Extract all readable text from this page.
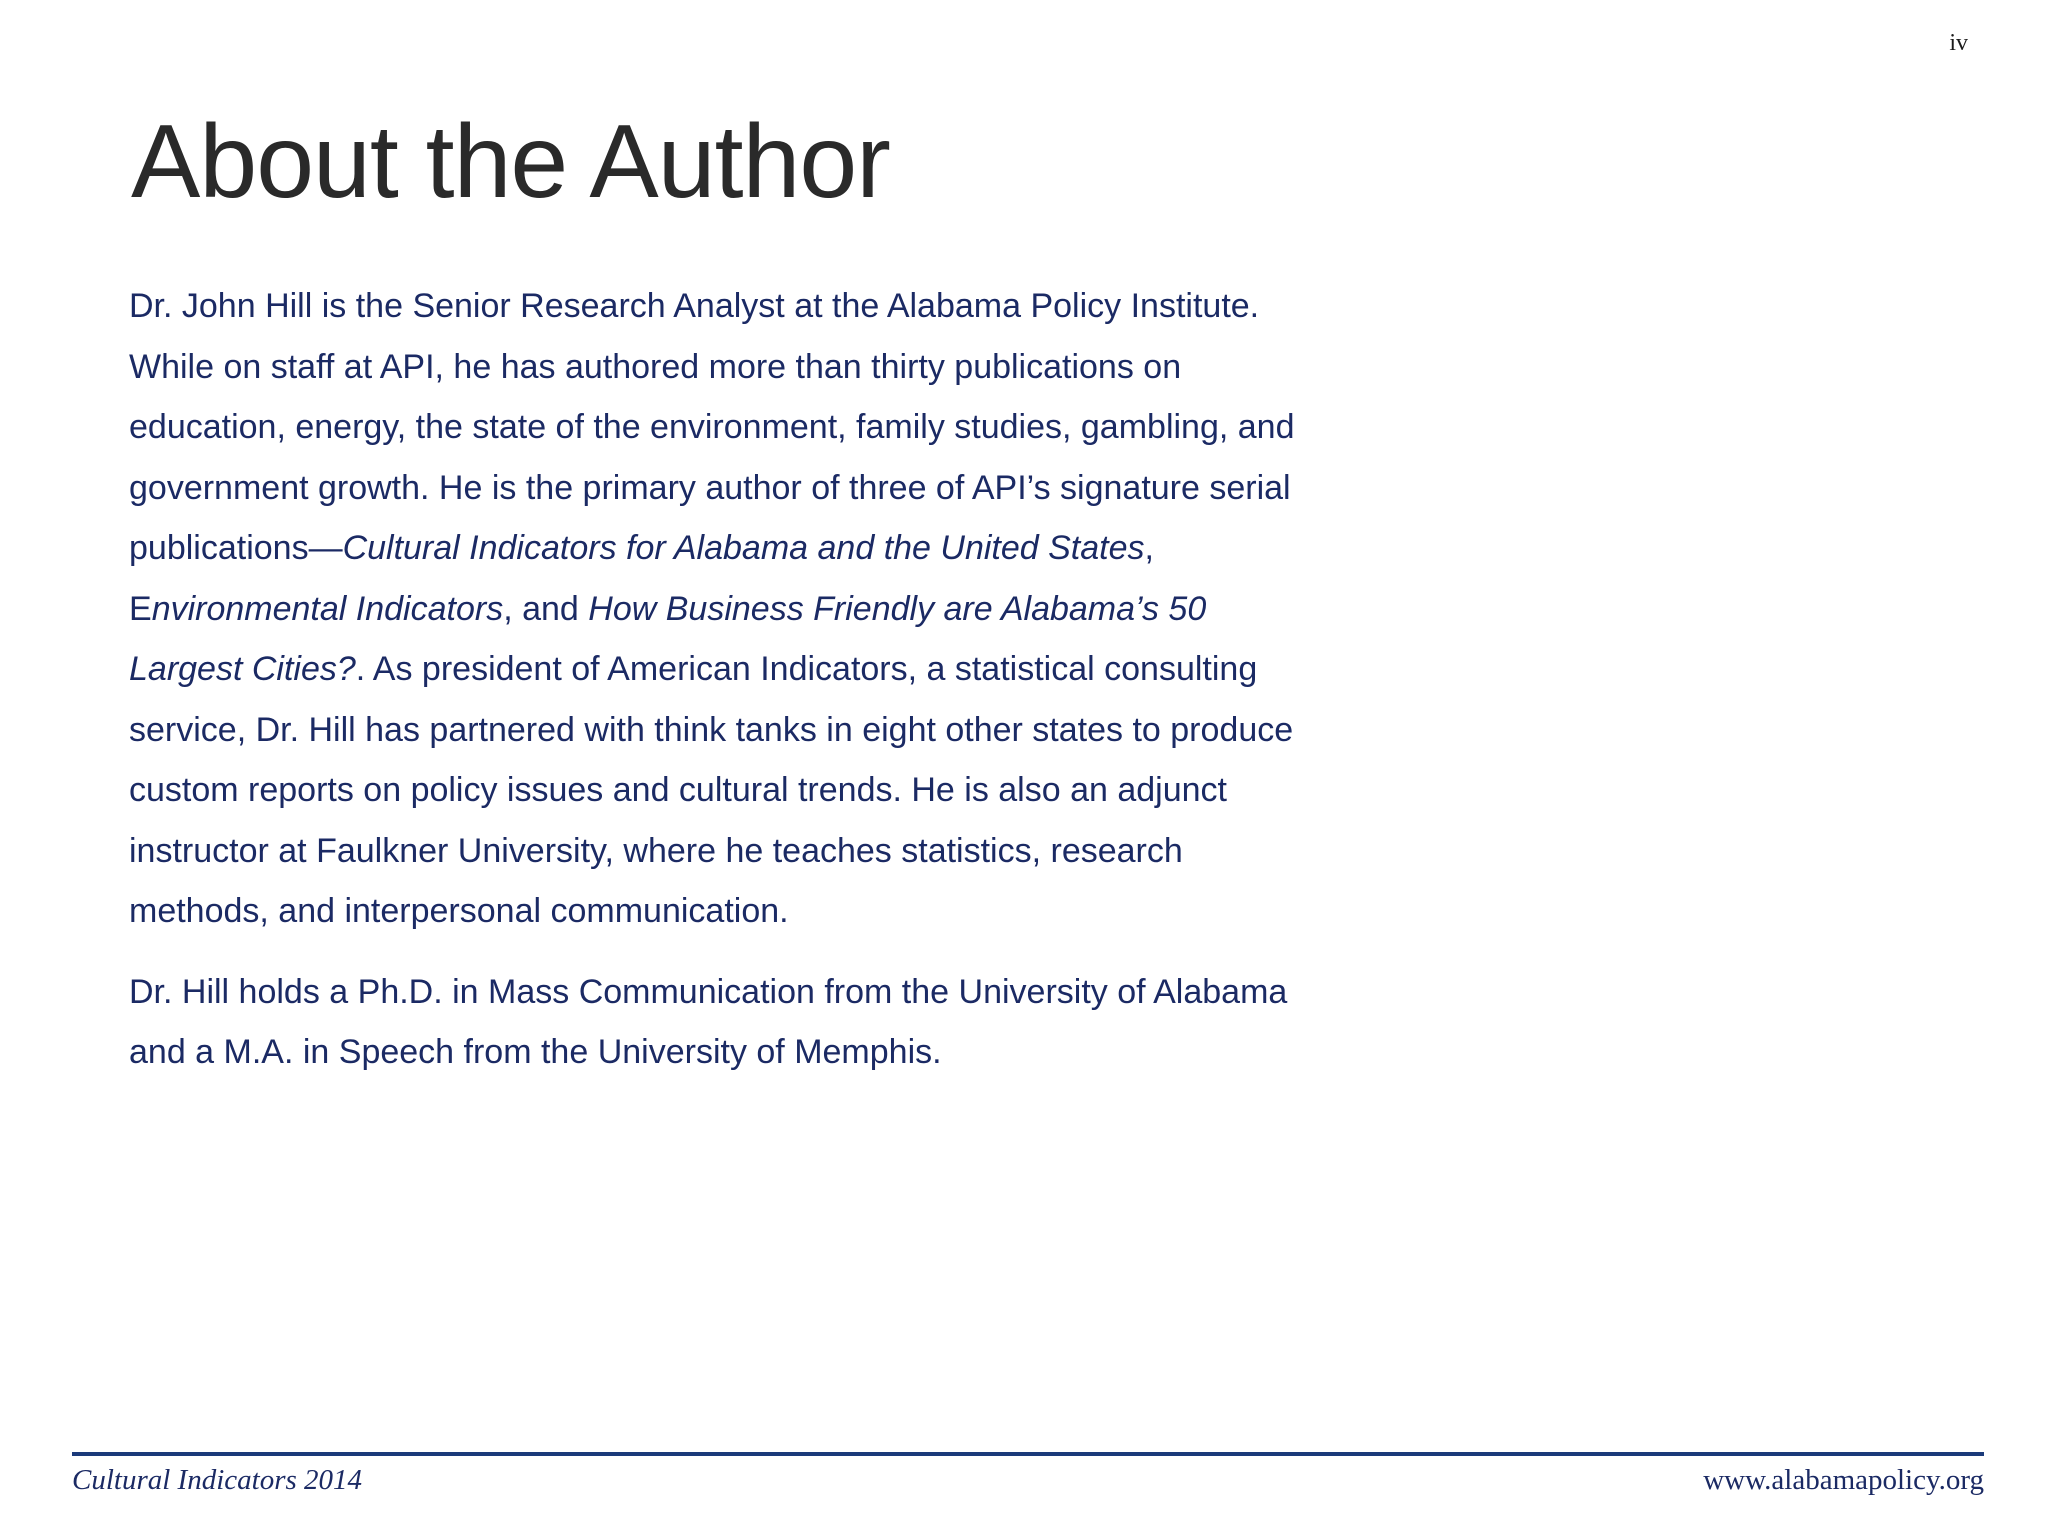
iv
About the Author

Dr. John Hill is the Senior Research Analyst at the Alabama Policy Institute. While on staff at API, he has authored more than thirty publications on education, energy, the state of the environment, family studies, gambling, and government growth. He is the primary author of three of API’s signature serial publications—Cultural Indicators for Alabama and the United States, Environmental Indicators, and How Business Friendly are Alabama’s 50 Largest Cities?. As president of American Indicators, a statistical consulting service, Dr. Hill has partnered with think tanks in eight other states to produce custom reports on policy issues and cultural trends. He is also an adjunct instructor at Faulkner University, where he teaches statistics, research methods, and interpersonal communication.

Dr. Hill holds a Ph.D. in Mass Communication from the University of Alabama and a M.A. in Speech from the University of Memphis.

Cultural Indicators 2014	www.alabamapolicy.org
